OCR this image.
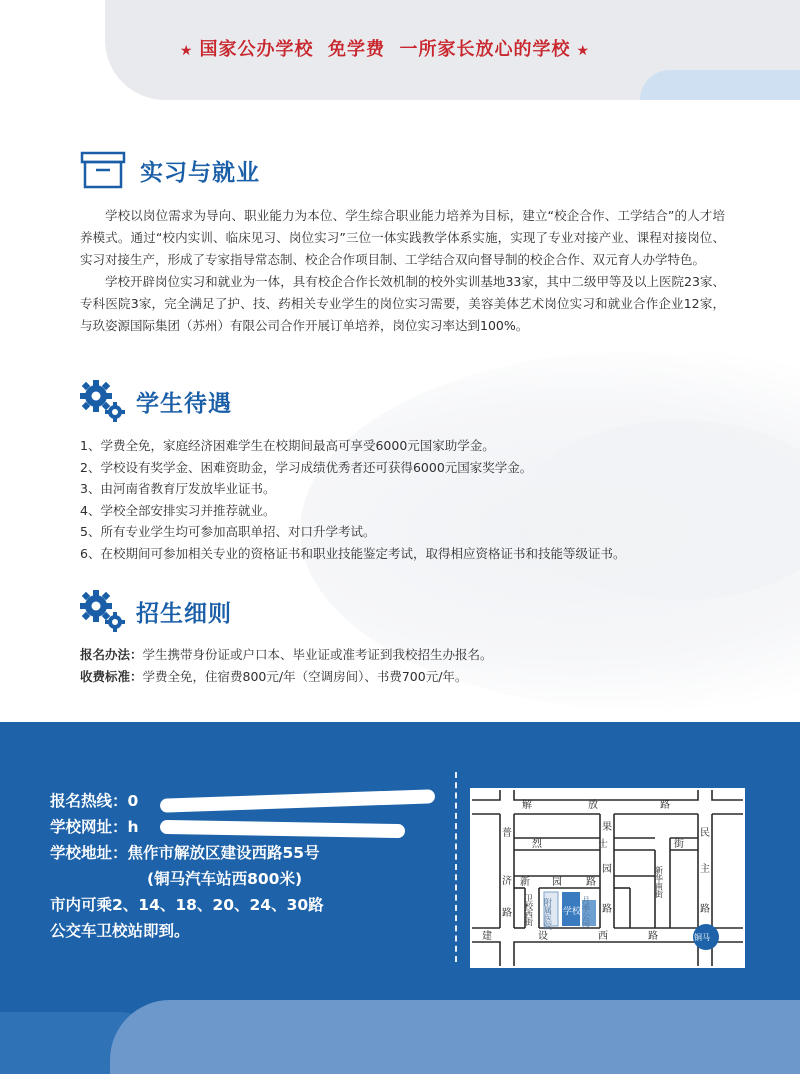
★ 国家公办学校  免学费  一所家长放心的学校 ★
实习与就业

学校以岗位需求为导向、职业能力为本位、学生综合职业能力培养为目标，建立“校企合作、工学结合”的人才培养模式。通过“校内实训、临床见习、岗位实习”三位一体实践教学体系实施，实现了专业对接产业、课程对接岗位、实习对接生产，形成了专家指导常态制、校企合作项目制、工学结合双向督导制的校企合作、双元育人办学特色。

学校开辟岗位实习和就业为一体，具有校企合作长效机制的校外实训基地33家，其中二级甲等及以上医院23家、专科医院3家，完全满足了护、技、药相关专业学生的岗位实习需要，美容美体艺术岗位实习和就业合作企业12家，与玖姿源国际集团（苏州）有限公司合作开展订单培养，岗位实习率达到100%。

学生待遇
1、学费全免，家庭经济困难学生在校期间最高可享受6000元国家助学金。
2、学校设有奖学金、困难资助金，学习成绩优秀者还可获得6000元国家奖学金。
3、由河南省教育厅发放毕业证书。
4、学校全部安排实习并推荐就业。
5、所有专业学生均可参加高职单招、对口升学考试。
6、在校期间可参加相关专业的资格证书和职业技能鉴定考试，取得相应资格证书和技能等级证书。
招生细则
报名办法：学生携带身份证或户口本、毕业证或准考证到我校招生办报名。
收费标准：学费全免，住宿费800元/年（空调房间）、书费700元/年。
报名热线： 0
学校网址： h
学校地址： 焦作市解放区建设西路55号
(铜马汽车站西800米)
市内可乘2、14、18、20、24、30路
公交车卫校站即到。
解	放	路
烈	士	街
新 园 路
建	设	西	路
普
济
路
果
园
路
民
主
路
新华南街
卫校西街 附属医院	月季公园
铜马
学校
